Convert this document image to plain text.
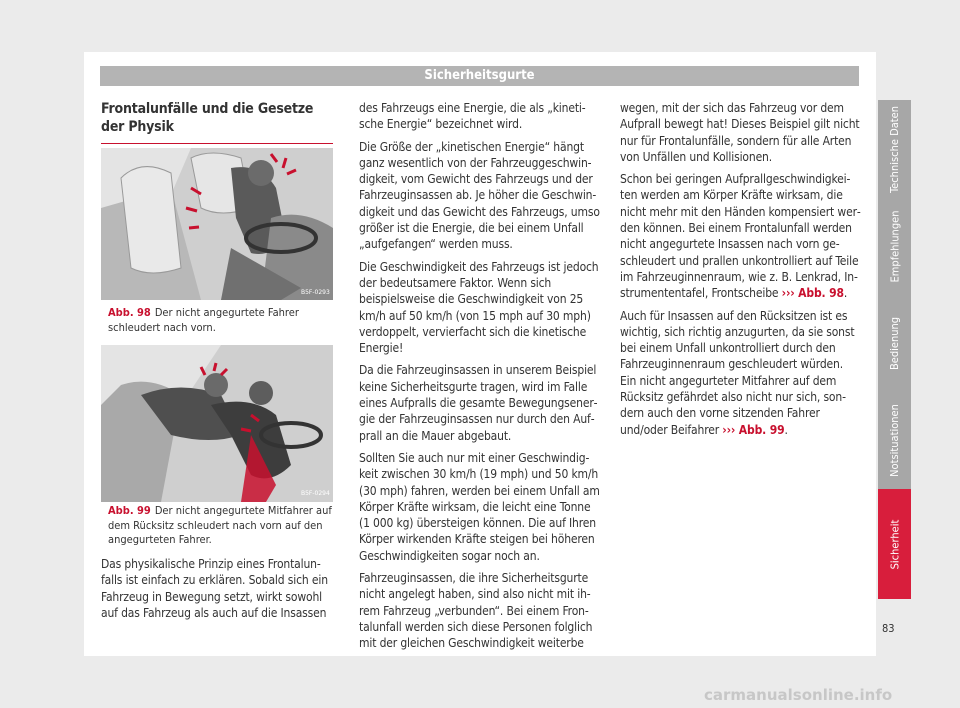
Sicherheitsgurte
Frontalunfälle und die Gesetze der Physik
B5F-0293
Abb. 98 Der nicht angegurtete Fahrer schleudert nach vorn.
B5F-0294
Abb. 99 Der nicht angegurtete Mitfahrer auf dem Rücksitz schleudert nach vorn auf den angegurteten Fahrer.
Das physikalische Prinzip eines Frontalunfalls ist einfach zu erklären. Sobald sich ein Fahrzeug in Bewegung setzt, wirkt sowohl auf das Fahrzeug als auch auf die Insassen

des Fahrzeugs eine Energie, die als „kinetische Energie“ bezeichnet wird.

Die Größe der „kinetischen Energie“ hängt ganz wesentlich von der Fahrzeuggeschwindigkeit, vom Gewicht des Fahrzeugs und der Fahrzeuginsassen ab. Je höher die Geschwindigkeit und das Gewicht des Fahrzeugs, umso größer ist die Energie, die bei einem Unfall „aufgefangen“ werden muss.

Die Geschwindigkeit des Fahrzeugs ist jedoch der bedeutsamere Faktor. Wenn sich beispielsweise die Geschwindigkeit von 25 km/h auf 50 km/h (von 15 mph auf 30 mph) verdoppelt, vervierfacht sich die kinetische Energie!

Da die Fahrzeuginsassen in unserem Beispiel keine Sicherheitsgurte tragen, wird im Falle eines Aufpralls die gesamte Bewegungsenergie der Fahrzeuginsassen nur durch den Aufprall an die Mauer abgebaut.

Sollten Sie auch nur mit einer Geschwindigkeit zwischen 30 km/h (19 mph) und 50 km/h (30 mph) fahren, werden bei einem Unfall am Körper Kräfte wirksam, die leicht eine Tonne (1 000 kg) übersteigen können. Die auf Ihren Körper wirkenden Kräfte steigen bei höheren Geschwindigkeiten sogar noch an.

Fahrzeuginsassen, die ihre Sicherheitsgurte nicht angelegt haben, sind also nicht mit ihrem Fahrzeug „verbunden“. Bei einem Frontalunfall werden sich diese Personen folglich mit der gleichen Geschwindigkeit weiterbe

wegen, mit der sich das Fahrzeug vor dem Aufprall bewegt hat! Dieses Beispiel gilt nicht nur für Frontalunfälle, sondern für alle Arten von Unfällen und Kollisionen.

Schon bei geringen Aufprallgeschwindigkeiten werden am Körper Kräfte wirksam, die nicht mehr mit den Händen kompensiert werden können. Bei einem Frontalunfall werden nicht angegurtete Insassen nach vorn geschleudert und prallen unkontrolliert auf Teile im Fahrzeuginnenraum, wie z. B. Lenkrad, Instrumententafel, Frontscheibe ››› Abb. 98.

Auch für Insassen auf den Rücksitzen ist es wichtig, sich richtig anzugurten, da sie sonst bei einem Unfall unkontrolliert durch den Fahrzeuginnenraum geschleudert würden. Ein nicht angegurteter Mitfahrer auf dem Rücksitz gefährdet also nicht nur sich, sondern auch den vorne sitzenden Fahrer und/oder Beifahrer ››› Abb. 99.

Technische Daten
Empfehlungen
Bedienung
Notsituationen
Sicherheit
83
carmanualsonline.info
